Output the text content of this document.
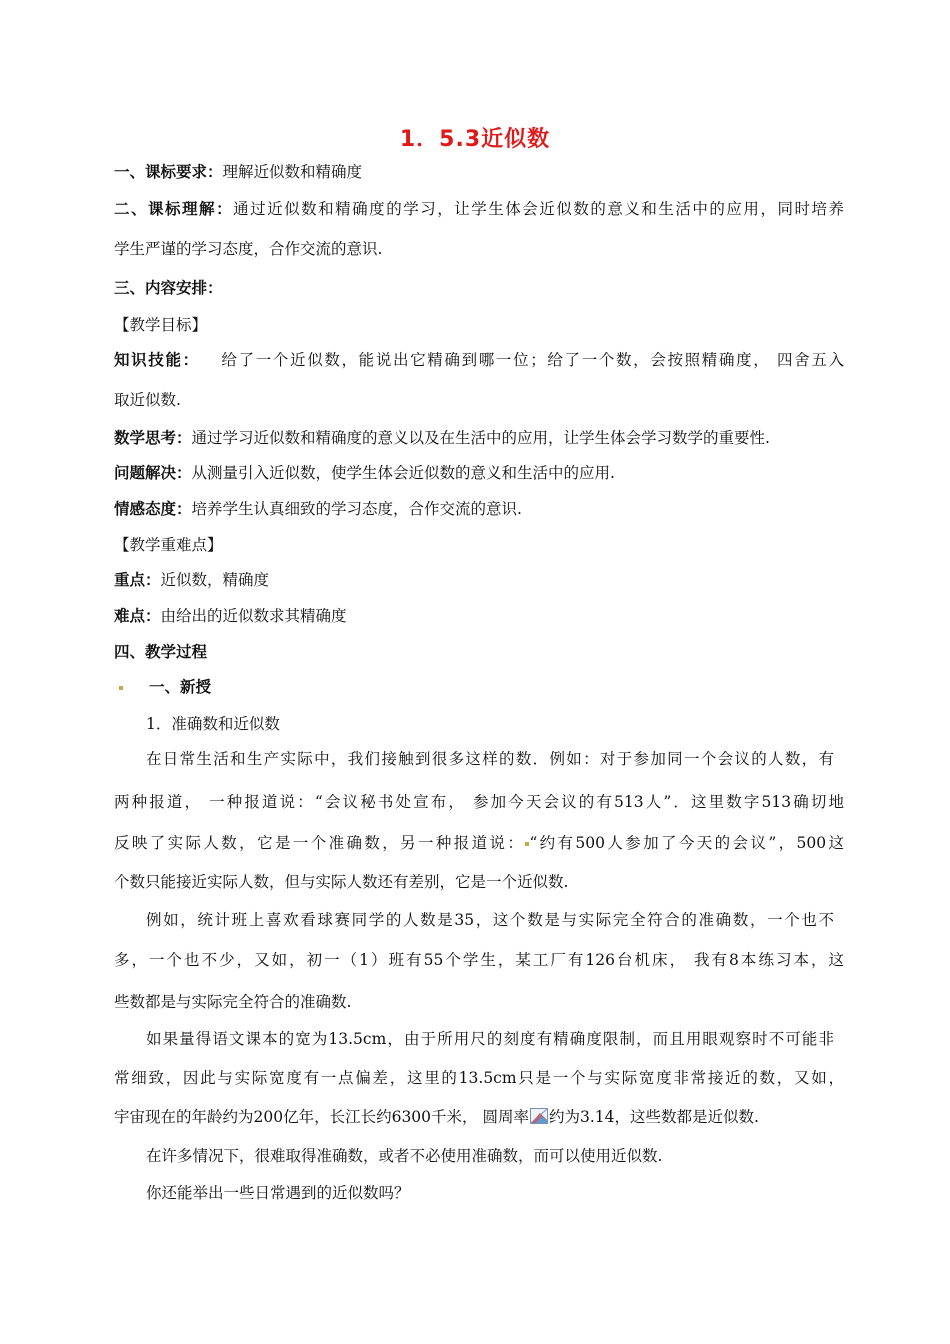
1．5.3近似数
一、课标要求：理解近似数和精确度
二、课标理解：通过近似数和精确度的学习，让学生体会近似数的意义和生活中的应用，同时培养
学生严谨的学习态度，合作交流的意识.
三、内容安排：
【教学目标】
知识技能： 给了一个近似数，能说出它精确到哪一位；给了一个数，会按照精确度， 四舍五入
取近似数.
数学思考：通过学习近似数和精确度的意义以及在生活中的应用，让学生体会学习数学的重要性.
问题解决：从测量引入近似数，使学生体会近似数的意义和生活中的应用.
情感态度：培养学生认真细致的学习态度，合作交流的意识.
【教学重难点】
重点：近似数，精确度
难点：由给出的近似数求其精确度
四、教学过程
一、新授
1．准确数和近似数
在日常生活和生产实际中，我们接触到很多这样的数．例如：对于参加同一个会议的人数，有
两种报道， 一种报道说：“会议秘书处宣布， 参加今天会议的有513人”．这里数字513确切地
反映了实际人数，它是一个准确数，另一种报道说： “约有500人参加了今天的会议”，500这
个数只能接近实际人数，但与实际人数还有差别，它是一个近似数.
例如，统计班上喜欢看球赛同学的人数是35，这个数是与实际完全符合的准确数，一个也不
多，一个也不少，又如，初一（1）班有55个学生，某工厂有126台机床， 我有8本练习本，这
些数都是与实际完全符合的准确数.
如果量得语文课本的宽为13.5cm，由于所用尺的刻度有精确度限制，而且用眼观察时不可能非
常细致，因此与实际宽度有一点偏差，这里的13.5cm只是一个与实际宽度非常接近的数，又如，
宇宙现在的年龄约为200亿年，长江长约6300千米， 圆周率 约为3.14，这些数都是近似数.
在许多情况下，很难取得准确数，或者不必使用准确数，而可以使用近似数.
你还能举出一些日常遇到的近似数吗？
